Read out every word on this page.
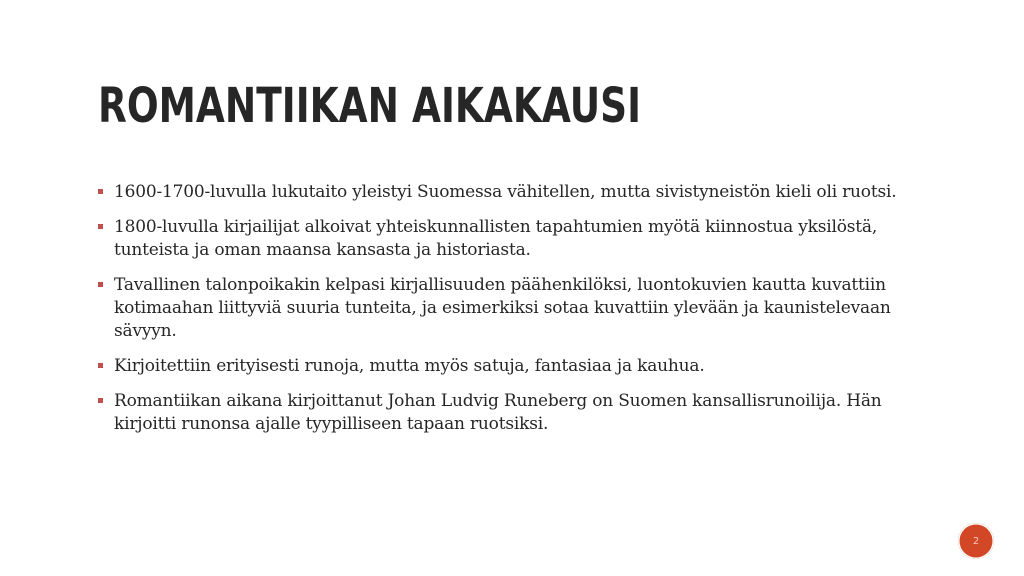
ROMANTIIKAN AIKAKAUSI
1600-1700-luvulla lukutaito yleistyi Suomessa vähitellen, mutta sivistyneistön kieli oli ruotsi.
1800-luvulla kirjailijat alkoivat yhteiskunnallisten tapahtumien myötä kiinnostua yksilöstä, tunteista ja oman maansa kansasta ja historiasta.
Tavallinen talonpoikakin kelpasi kirjallisuuden päähenkilöksi, luontokuvien kautta kuvattiin kotimaahan liittyviä suuria tunteita, ja esimerkiksi sotaa kuvattiin ylevään ja kaunistelevaan sävyyn.
Kirjoitettiin erityisesti runoja, mutta myös satuja, fantasiaa ja kauhua.
Romantiikan aikana kirjoittanut Johan Ludvig Runeberg on Suomen kansallisrunoilija. Hän kirjoitti runonsa ajalle tyypilliseen tapaan ruotsiksi.
2
